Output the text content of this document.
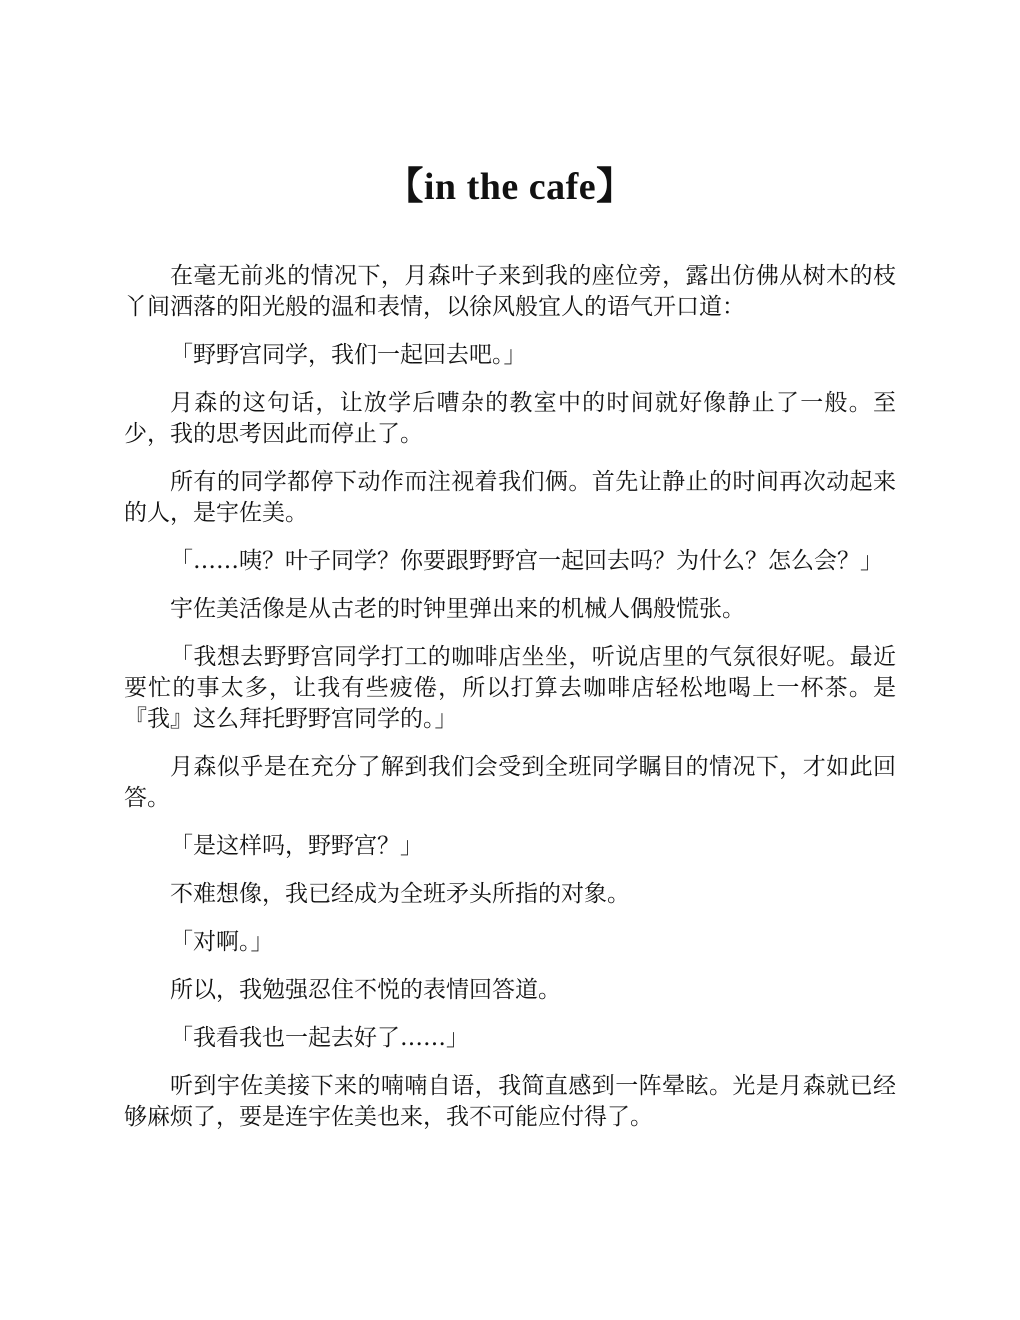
【in the cafe】

在毫无前兆的情况下，月森叶子来到我的座位旁，露出仿佛从树木的枝丫间洒落的阳光般的温和表情，以徐风般宜人的语气开口道：

「野野宫同学，我们一起回去吧。」

月森的这句话，让放学后嘈杂的教室中的时间就好像静止了一般。至少，我的思考因此而停止了。

所有的同学都停下动作而注视着我们俩。首先让静止的时间再次动起来的人，是宇佐美。

「……咦？叶子同学？你要跟野野宫一起回去吗？为什么？怎么会？」

宇佐美活像是从古老的时钟里弹出来的机械人偶般慌张。

「我想去野野宫同学打工的咖啡店坐坐，听说店里的气氛很好呢。最近要忙的事太多，让我有些疲倦，所以打算去咖啡店轻松地喝上一杯茶。是『我』这么拜托野野宫同学的。」

月森似乎是在充分了解到我们会受到全班同学瞩目的情况下，才如此回答。

「是这样吗，野野宫？」

不难想像，我已经成为全班矛头所指的对象。

「对啊。」

所以，我勉强忍住不悦的表情回答道。

「我看我也一起去好了……」

听到宇佐美接下来的喃喃自语，我简直感到一阵晕眩。光是月森就已经够麻烦了，要是连宇佐美也来，我不可能应付得了。
